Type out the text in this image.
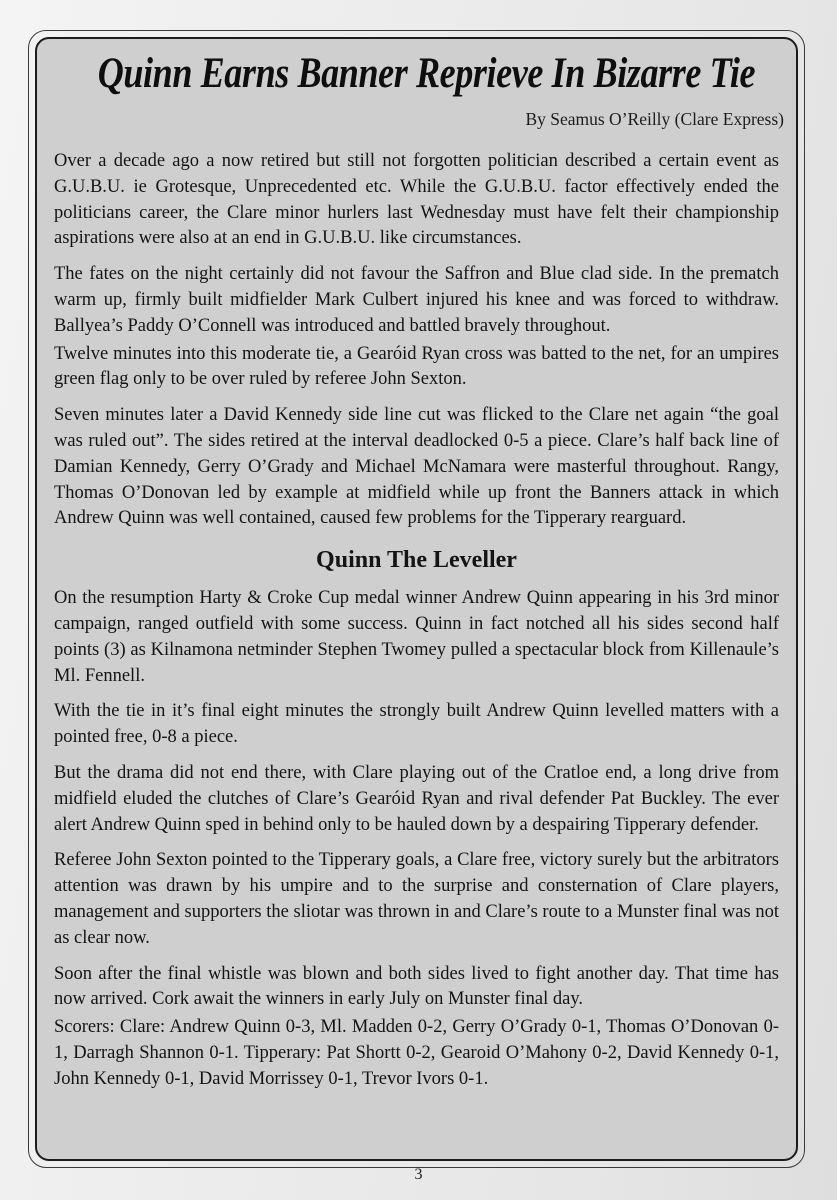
Quinn Earns Banner Reprieve In Bizarre Tie
By Seamus O’Reilly (Clare Express)

Over a decade ago a now retired but still not forgotten politician described a certain event as G.U.B.U. ie Grotesque, Unprecedented etc. While the G.U.B.U. factor effectively ended the politicians career, the Clare minor hurlers last Wednesday must have felt their championship aspirations were also at an end in G.U.B.U. like circumstances.

The fates on the night certainly did not favour the Saffron and Blue clad side. In the prematch warm up, firmly built midfielder Mark Culbert injured his knee and was forced to withdraw. Ballyea’s Paddy O’Connell was introduced and battled bravely throughout.

Twelve minutes into this moderate tie, a Gearóid Ryan cross was batted to the net, for an umpires green flag only to be over ruled by referee John Sexton.

Seven minutes later a David Kennedy side line cut was flicked to the Clare net again “the goal was ruled out”. The sides retired at the interval deadlocked 0-5 a piece. Clare’s half back line of Damian Kennedy, Gerry O’Grady and Michael McNamara were masterful throughout. Rangy, Thomas O’Donovan led by example at midfield while up front the Banners attack in which Andrew Quinn was well contained, caused few problems for the Tipperary rearguard.

Quinn The Leveller

On the resumption Harty & Croke Cup medal winner Andrew Quinn appearing in his 3rd minor campaign, ranged outfield with some success. Quinn in fact notched all his sides second half points (3) as Kilnamona netminder Stephen Twomey pulled a spectacular block from Killenaule’s Ml. Fennell.

With the tie in it’s final eight minutes the strongly built Andrew Quinn levelled matters with a pointed free, 0-8 a piece.

But the drama did not end there, with Clare playing out of the Cratloe end, a long drive from midfield eluded the clutches of Clare’s Gearóid Ryan and rival defender Pat Buckley. The ever alert Andrew Quinn sped in behind only to be hauled down by a despairing Tipperary defender.

Referee John Sexton pointed to the Tipperary goals, a Clare free, victory surely but the arbitrators attention was drawn by his umpire and to the surprise and consternation of Clare players, management and supporters the sliotar was thrown in and Clare’s route to a Munster final was not as clear now.

Soon after the final whistle was blown and both sides lived to fight another day. That time has now arrived. Cork await the winners in early July on Munster final day.

Scorers: Clare: Andrew Quinn 0-3, Ml. Madden 0-2, Gerry O’Grady 0-1, Thomas O’Donovan 0-1, Darragh Shannon 0-1. Tipperary: Pat Shortt 0-2, Gearoid O’Mahony 0-2, David Kennedy 0-1, John Kennedy 0-1, David Morrissey 0-1, Trevor Ivors 0-1.

3
